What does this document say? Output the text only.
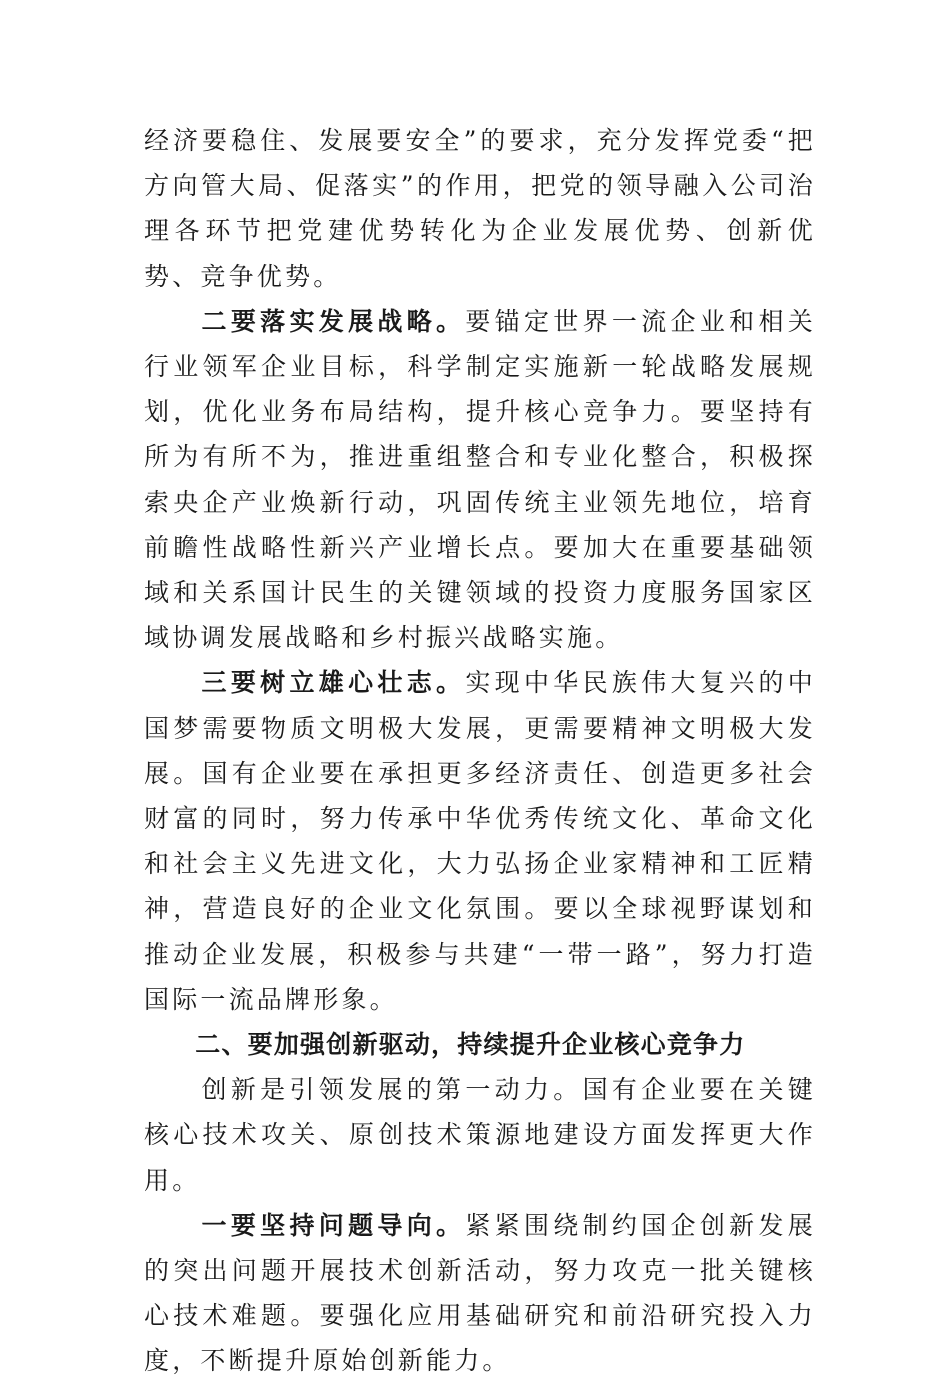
经济要稳住、发展要安全”的要求，充分发挥党委“把方向管大局、促落实”的作用，把党的领导融入公司治理各环节把党建优势转化为企业发展优势、创新优势、竞争优势。

二要落实发展战略。要锚定世界一流企业和相关行业领军企业目标，科学制定实施新一轮战略发展规划，优化业务布局结构，提升核心竞争力。要坚持有所为有所不为，推进重组整合和专业化整合，积极探索央企产业焕新行动，巩固传统主业领先地位，培育前瞻性战略性新兴产业增长点。要加大在重要基础领域和关系国计民生的关键领域的投资力度服务国家区域协调发展战略和乡村振兴战略实施。

三要树立雄心壮志。实现中华民族伟大复兴的中国梦需要物质文明极大发展，更需要精神文明极大发展。国有企业要在承担更多经济责任、创造更多社会财富的同时，努力传承中华优秀传统文化、革命文化和社会主义先进文化，大力弘扬企业家精神和工匠精神，营造良好的企业文化氛围。要以全球视野谋划和推动企业发展，积极参与共建“一带一路”，努力打造国际一流品牌形象。

二、要加强创新驱动，持续提升企业核心竞争力

创新是引领发展的第一动力。国有企业要在关键核心技术攻关、原创技术策源地建设方面发挥更大作用。

一要坚持问题导向。紧紧围绕制约国企创新发展的突出问题开展技术创新活动，努力攻克一批关键核心技术难题。要强化应用基础研究和前沿研究投入力度，不断提升原始创新能力。
